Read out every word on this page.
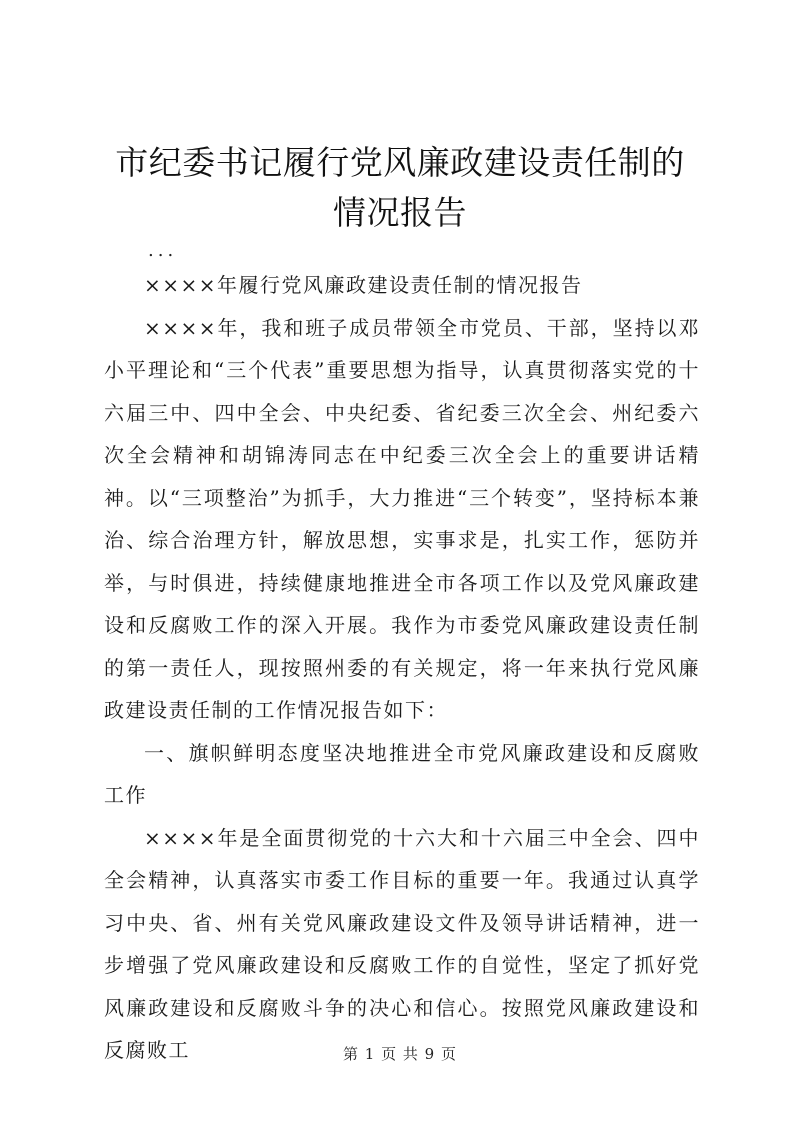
市纪委书记履行党风廉政建设责任制的情况报告
...

××××年履行党风廉政建设责任制的情况报告

××××年，我和班子成员带领全市党员、干部，坚持以邓小平理论和“三个代表”重要思想为指导，认真贯彻落实党的十六届三中、四中全会、中央纪委、省纪委三次全会、州纪委六次全会精神和胡锦涛同志在中纪委三次全会上的重要讲话精神。以“三项整治”为抓手，大力推进“三个转变”，坚持标本兼治、综合治理方针，解放思想，实事求是，扎实工作，惩防并举，与时俱进，持续健康地推进全市各项工作以及党风廉政建设和反腐败工作的深入开展。我作为市委党风廉政建设责任制的第一责任人，现按照州委的有关规定，将一年来执行党风廉政建设责任制的工作情况报告如下：

一、旗帜鲜明态度坚决地推进全市党风廉政建设和反腐败工作

××××年是全面贯彻党的十六大和十六届三中全会、四中全会精神，认真落实市委工作目标的重要一年。我通过认真学习中央、省、州有关党风廉政建设文件及领导讲话精神，进一步增强了党风廉政建设和反腐败工作的自觉性，坚定了抓好党风廉政建设和反腐败斗争的决心和信心。按照党风廉政建设和反腐败工	第 1 页 共 9 页
